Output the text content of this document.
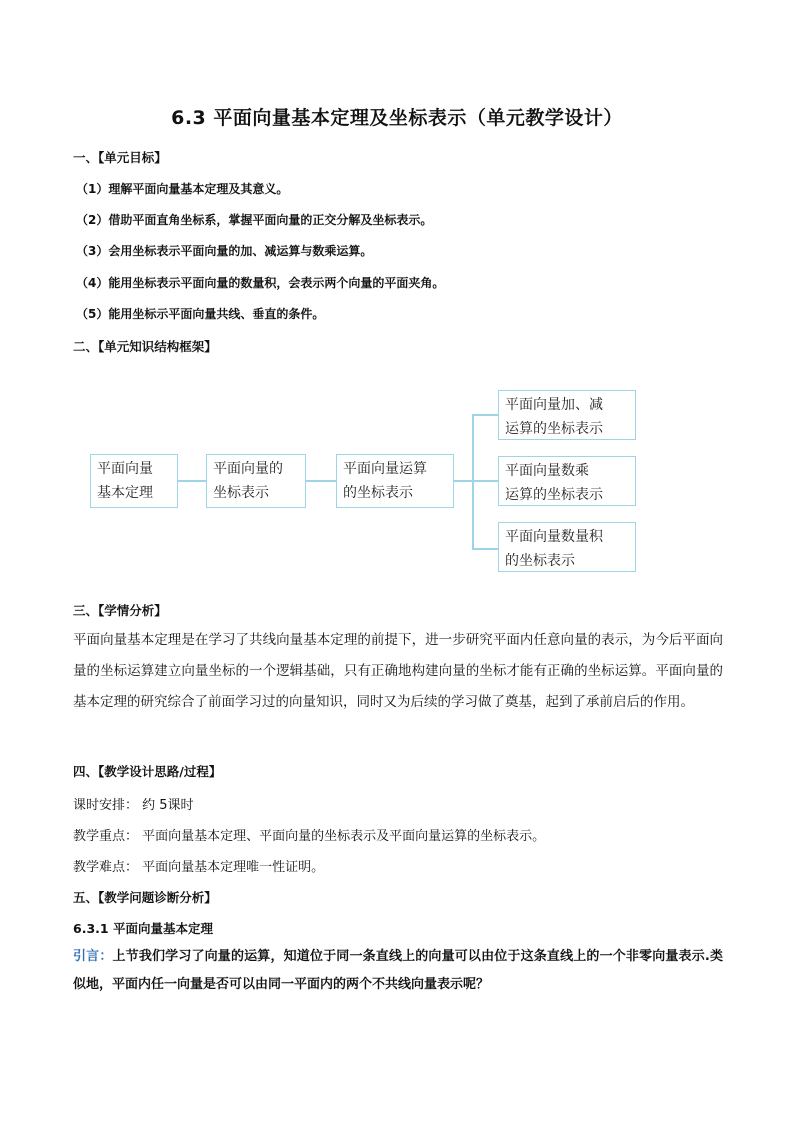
6.3 平面向量基本定理及坐标表示（单元教学设计）
一、【单元目标】
（1）理解平面向量基本定理及其意义。
（2）借助平面直角坐标系，掌握平面向量的正交分解及坐标表示。
（3）会用坐标表示平面向量的加、减运算与数乘运算。
（4）能用坐标表示平面向量的数量积，会表示两个向量的平面夹角。
（5）能用坐标示平面向量共线、垂直的条件。
二、【单元知识结构框架】
平面向量
基本定理
平面向量的
坐标表示
平面向量运算
的坐标表示
平面向量加、减
运算的坐标表示
平面向量数乘
运算的坐标表示
平面向量数量积
的坐标表示
三、【学情分析】
平面向量基本定理是在学习了共线向量基本定理的前提下，进一步研究平面内任意向量的表示，为今后平面向量的坐标运算建立向量坐标的一个逻辑基础，只有正确地构建向量的坐标才能有正确的坐标运算。平面向量的基本定理的研究综合了前面学习过的向量知识，同时又为后续的学习做了奠基，起到了承前启后的作用。
四、【教学设计思路/过程】
课时安排： 约 5课时
教学重点： 平面向量基本定理、平面向量的坐标表示及平面向量运算的坐标表示。
教学难点： 平面向量基本定理唯一性证明。
五、【教学问题诊断分析】
6.3.1 平面向量基本定理
引言：上节我们学习了向量的运算，知道位于同一条直线上的向量可以由位于这条直线上的一个非零向量表示.类似地，平面内任一向量是否可以由同一平面内的两个不共线向量表示呢？
